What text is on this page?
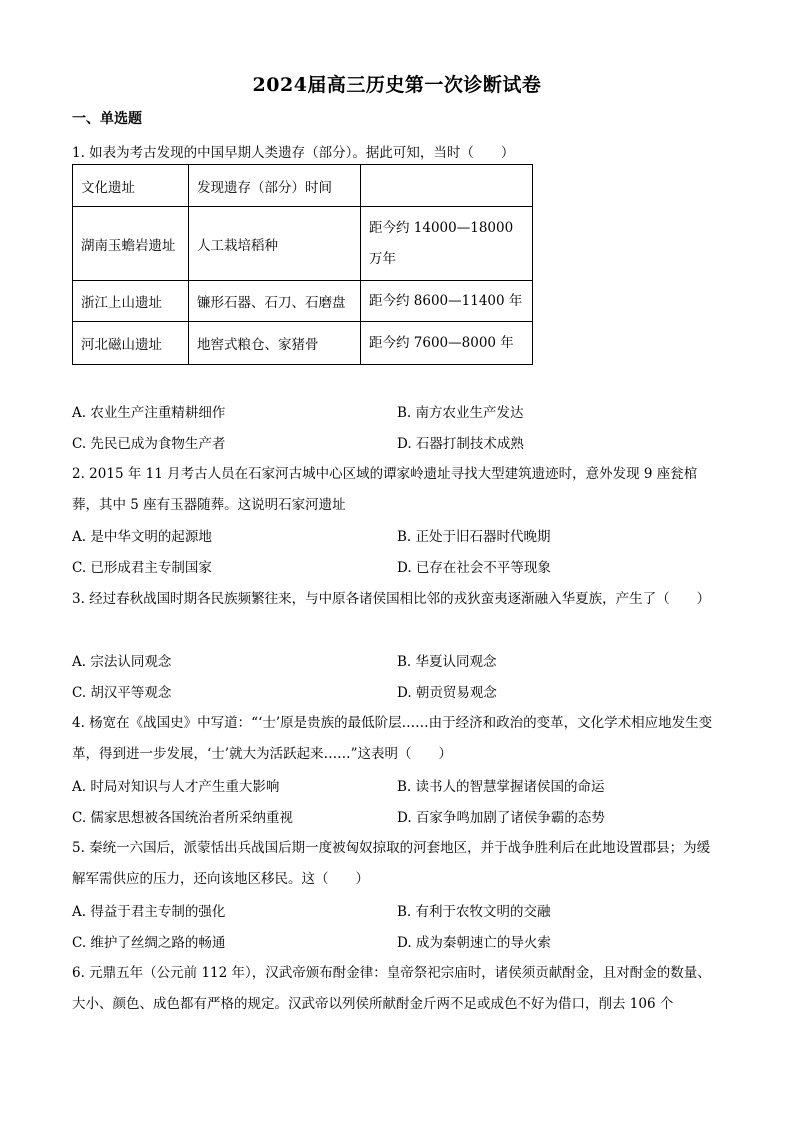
2024届高三历史第一次诊断试卷
一、单选题
1. 如表为考古发现的中国早期人类遗存（部分）。据此可知，当时（　　）
文化遗址	发现遗存（部分）时间	
湖南玉蟾岩遗址	人工栽培稻种	距今约 14000—18000 万年
浙江上山遗址	镰形石器、石刀、石磨盘	距今约 8600—11400 年
河北磁山遗址	地窖式粮仓、家猪骨	距今约 7600—8000 年
A. 农业生产注重精耕细作	B. 南方农业生产发达
C. 先民已成为食物生产者	D. 石器打制技术成熟
2. 2015 年 11 月考古人员在石家河古城中心区域的谭家岭遗址寻找大型建筑遗迹时，意外发现 9 座瓮棺葬，其中 5 座有玉器随葬。这说明石家河遗址
A. 是中华文明的起源地	B. 正处于旧石器时代晚期
C. 已形成君主专制国家	D. 已存在社会不平等现象
3. 经过春秋战国时期各民族频繁往来，与中原各诸侯国相比邻的戎狄蛮夷逐渐融入华夏族，产生了（　　）
A. 宗法认同观念	B. 华夏认同观念
C. 胡汉平等观念	D. 朝贡贸易观念
4. 杨宽在《战国史》中写道：“‘士’原是贵族的最低阶层……由于经济和政治的变革，文化学术相应地发生变革，得到进一步发展，‘士’就大为活跃起来……”这表明（　　）
A. 时局对知识与人才产生重大影响	B. 读书人的智慧掌握诸侯国的命运
C. 儒家思想被各国统治者所采纳重视	D. 百家争鸣加剧了诸侯争霸的态势
5. 秦统一六国后，派蒙恬出兵战国后期一度被匈奴掠取的河套地区，并于战争胜利后在此地设置郡县；为缓解军需供应的压力，还向该地区移民。这（　　）
A. 得益于君主专制的强化	B. 有利于农牧文明的交融
C. 维护了丝绸之路的畅通	D. 成为秦朝速亡的导火索
6. 元鼎五年（公元前 112 年），汉武帝颁布酎金律：皇帝祭祀宗庙时，诸侯须贡献酎金，且对酎金的数量、大小、颜色、成色都有严格的规定。汉武帝以列侯所献酎金斤两不足或成色不好为借口，削去 106 个
